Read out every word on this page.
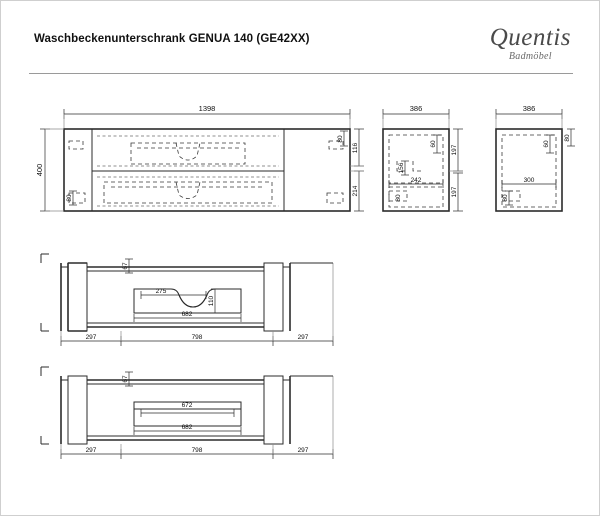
Waschbeckenunterschrank GENUA 140 (GE42XX)	Quentis
Badmöbel
1398
400
116
214
80
80
386
60
197
197
242
156
386
60
80
300
80
67
275
110
682
297	798	297
67
672
682
297	798	297
80
